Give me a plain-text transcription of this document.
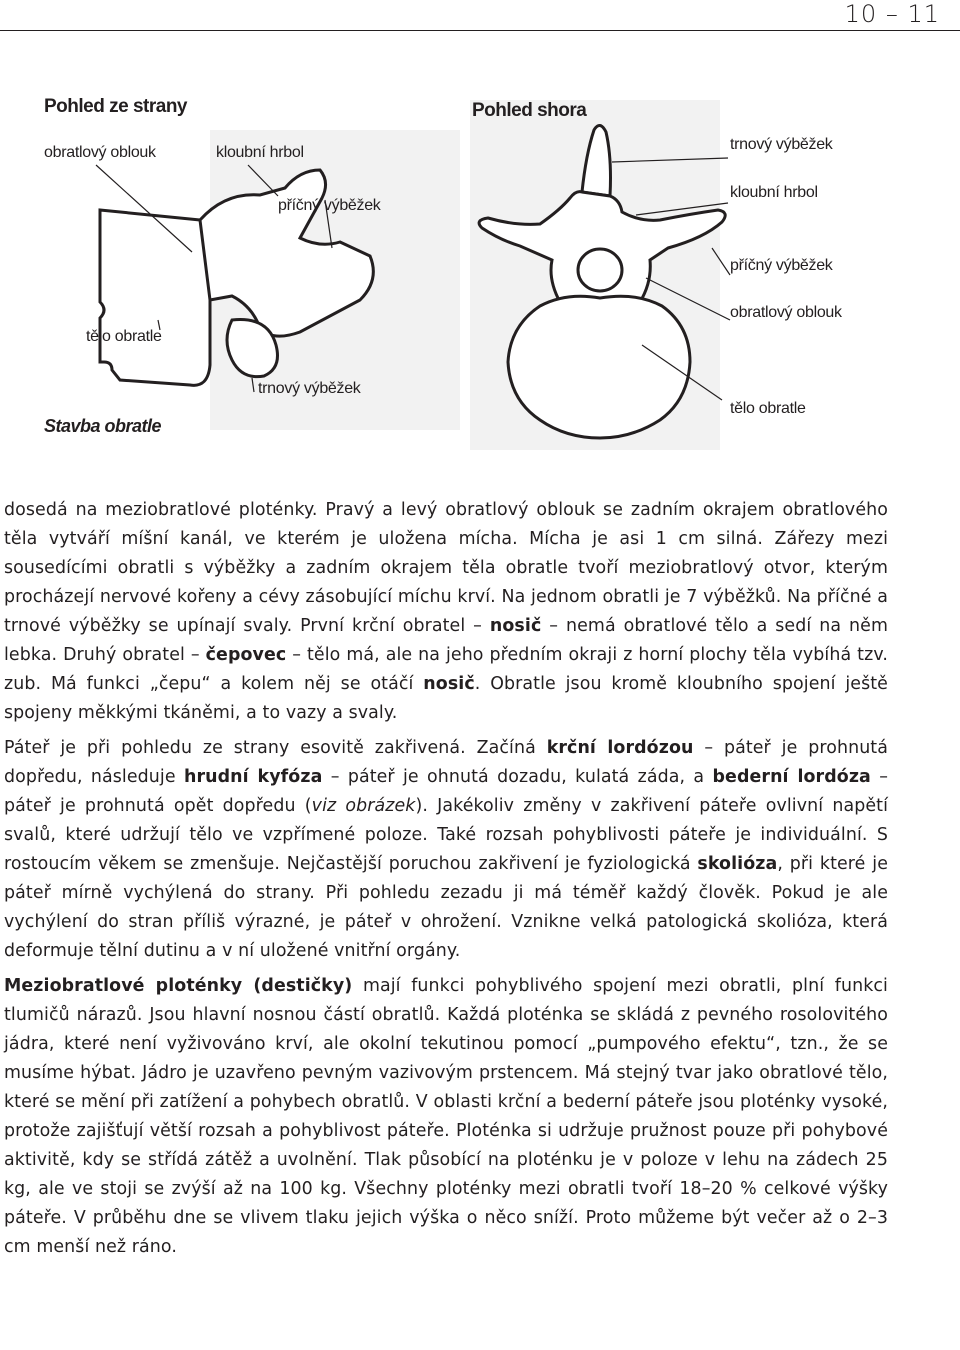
10 – 11
Pohled ze strany
obratlový oblouk	kloubní hrbol
příčný výběžek
tělo obratle
trnový výběžek
Stavba obratle
Pohled shora
trnový výběžek
kloubní hrbol
příčný výběžek
obratlový oblouk
tělo obratle

dosedá na meziobratlové ploténky. Pravý a levý obratlový oblouk se zadním okrajem obratlového těla vytváří míšní kanál, ve kterém je uložena mícha. Mícha je asi 1 cm silná. Zářezy mezi sousedícími obratli s výběžky a zadním okrajem těla obratle tvoří meziobratlový otvor, kterým procházejí nervové kořeny a cévy zásobující míchu krví. Na jednom obratli je 7 výběžků. Na příčné a trnové výběžky se upínají svaly. První krční obratel – nosič – nemá obratlové tělo a sedí na něm lebka. Druhý obratel – čepovec – tělo má, ale na jeho předním okraji z horní plochy těla vybíhá tzv. zub. Má funkci „čepu“ a kolem něj se otáčí nosič. Obratle jsou kromě kloubního spojení ještě spojeny měkkými tkáněmi, a to vazy a svaly.

Páteř je při pohledu ze strany esovitě zakřivená. Začíná krční lordózou – páteř je prohnutá dopředu, následuje hrudní kyfóza – páteř je ohnutá dozadu, kulatá záda, a bederní lordóza – páteř je prohnutá opět dopředu (viz obrázek). Jakékoliv změny v zakřivení páteře ovlivní napětí svalů, které udržují tělo ve vzpřímené poloze. Také rozsah pohyblivosti páteře je individuální. S rostoucím věkem se zmenšuje. Nejčastější poruchou zakřivení je fyziologická skolióza, při které je páteř mírně vychýlená do strany. Při pohledu zezadu ji má téměř každý člověk. Pokud je ale vychýlení do stran příliš výrazné, je páteř v ohrožení. Vznikne velká patologická skolióza, která deformuje tělní dutinu a v ní uložené vnitřní orgány.

Meziobratlové ploténky (destičky) mají funkci pohyblivého spojení mezi obratli, plní funkci tlumičů nárazů. Jsou hlavní nosnou částí obratlů. Každá ploténka se skládá z pevného rosolovitého jádra, které není vyživováno krví, ale okolní tekutinou pomocí „pumpového efektu“, tzn., že se musíme hýbat. Jádro je uzavřeno pevným vazivovým prstencem. Má stejný tvar jako obratlové tělo, které se mění při zatížení a pohybech obratlů. V oblasti krční a bederní páteře jsou ploténky vysoké, protože zajišťují větší rozsah a pohyblivost páteře. Ploténka si udržuje pružnost pouze při pohybové aktivitě, kdy se střídá zátěž a uvolnění. Tlak působící na ploténku je v poloze v lehu na zádech 25 kg, ale ve stoji se zvýší až na 100 kg. Všechny ploténky mezi obratli tvoří 18–20 % celkové výšky páteře. V průběhu dne se vlivem tlaku jejich výška o něco sníží. Proto můžeme být večer až o 2–3 cm menší než ráno.
